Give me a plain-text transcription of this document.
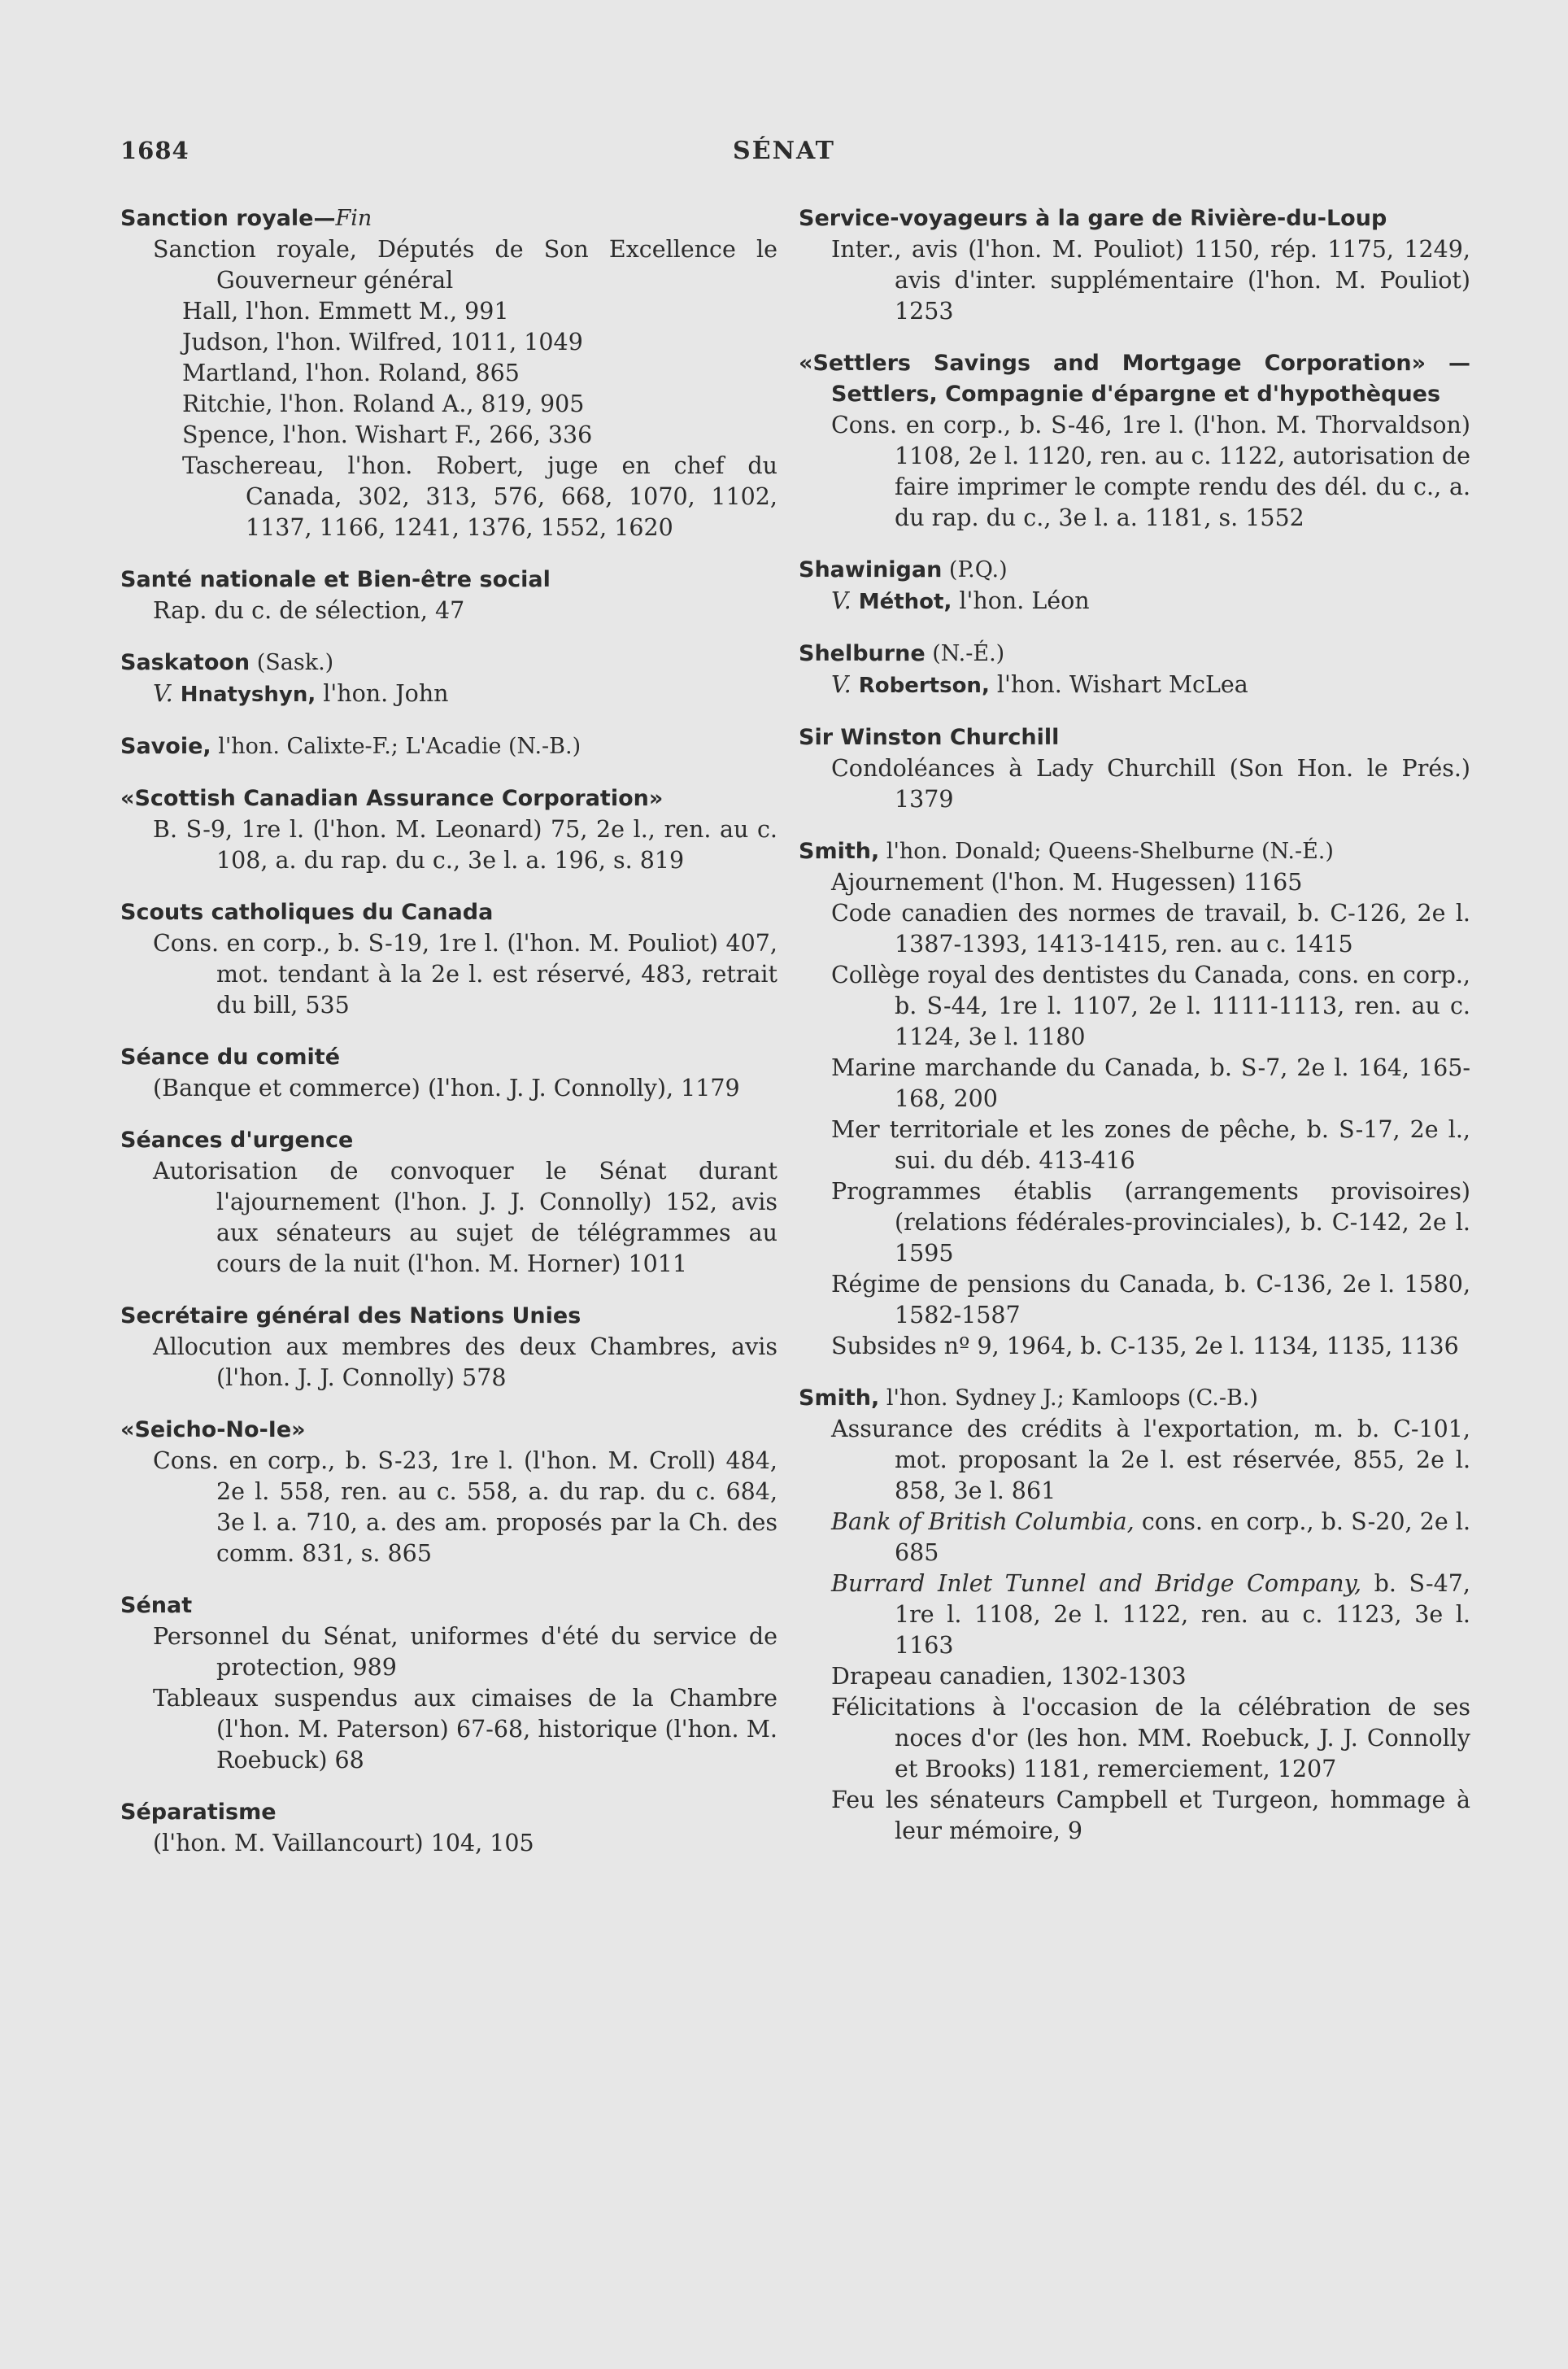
1684	SÉNAT
Sanction royale—Fin
Sanction royale, Députés de Son Excellence le Gouverneur général
Hall, l'hon. Emmett M., 991
Judson, l'hon. Wilfred, 1011, 1049
Martland, l'hon. Roland, 865
Ritchie, l'hon. Roland A., 819, 905
Spence, l'hon. Wishart F., 266, 336
Taschereau, l'hon. Robert, juge en chef du Canada, 302, 313, 576, 668, 1070, 1102, 1137, 1166, 1241, 1376, 1552, 1620
Santé nationale et Bien-être social
Rap. du c. de sélection, 47
Saskatoon (Sask.)
V. Hnatyshyn, l'hon. John
Savoie, l'hon. Calixte-F.; L'Acadie (N.-B.)
«Scottish Canadian Assurance Corporation»
B. S-9, 1re l. (l'hon. M. Leonard) 75, 2e l., ren. au c. 108, a. du rap. du c., 3e l. a. 196, s. 819
Scouts catholiques du Canada
Cons. en corp., b. S-19, 1re l. (l'hon. M. Pouliot) 407, mot. tendant à la 2e l. est réservé, 483, retrait du bill, 535
Séance du comité
(Banque et commerce) (l'hon. J. J. Connolly), 1179
Séances d'urgence
Autorisation de convoquer le Sénat durant l'ajournement (l'hon. J. J. Connolly) 152, avis aux sénateurs au sujet de télégrammes au cours de la nuit (l'hon. M. Horner) 1011
Secrétaire général des Nations Unies
Allocution aux membres des deux Chambres, avis (l'hon. J. J. Connolly) 578
«Seicho-No-Ie»
Cons. en corp., b. S-23, 1re l. (l'hon. M. Croll) 484, 2e l. 558, ren. au c. 558, a. du rap. du c. 684, 3e l. a. 710, a. des am. proposés par la Ch. des comm. 831, s. 865
Sénat
Personnel du Sénat, uniformes d'été du service de protection, 989
Tableaux suspendus aux cimaises de la Chambre (l'hon. M. Paterson) 67-68, historique (l'hon. M. Roebuck) 68
Séparatisme
(l'hon. M. Vaillancourt) 104, 105
Service-voyageurs à la gare de Rivière-du-Loup
Inter., avis (l'hon. M. Pouliot) 1150, rép. 1175, 1249, avis d'inter. supplémentaire (l'hon. M. Pouliot) 1253
«Settlers Savings and Mortgage Corporation» —Settlers, Compagnie d'épargne et d'hypothèques
Cons. en corp., b. S-46, 1re l. (l'hon. M. Thorvaldson) 1108, 2e l. 1120, ren. au c. 1122, autorisation de faire imprimer le compte rendu des dél. du c., a. du rap. du c., 3e l. a. 1181, s. 1552
Shawinigan (P.Q.)
V. Méthot, l'hon. Léon
Shelburne (N.-É.)
V. Robertson, l'hon. Wishart McLea
Sir Winston Churchill
Condoléances à Lady Churchill (Son Hon. le Prés.) 1379
Smith, l'hon. Donald; Queens-Shelburne (N.-É.)
Ajournement (l'hon. M. Hugessen) 1165
Code canadien des normes de travail, b. C-126, 2e l. 1387-1393, 1413-1415, ren. au c. 1415
Collège royal des dentistes du Canada, cons. en corp., b. S-44, 1re l. 1107, 2e l. 1111-1113, ren. au c. 1124, 3e l. 1180
Marine marchande du Canada, b. S-7, 2e l. 164, 165-168, 200
Mer territoriale et les zones de pêche, b. S-17, 2e l., sui. du déb. 413-416
Programmes établis (arrangements provisoires) (relations fédérales-provinciales), b. C-142, 2e l. 1595
Régime de pensions du Canada, b. C-136, 2e l. 1580, 1582-1587
Subsides nº 9, 1964, b. C-135, 2e l. 1134, 1135, 1136
Smith, l'hon. Sydney J.; Kamloops (C.-B.)
Assurance des crédits à l'exportation, m. b. C-101, mot. proposant la 2e l. est réservée, 855, 2e l. 858, 3e l. 861
Bank of British Columbia, cons. en corp., b. S-20, 2e l. 685
Burrard Inlet Tunnel and Bridge Company, b. S-47, 1re l. 1108, 2e l. 1122, ren. au c. 1123, 3e l. 1163
Drapeau canadien, 1302-1303
Félicitations à l'occasion de la célébration de ses noces d'or (les hon. MM. Roebuck, J. J. Connolly et Brooks) 1181, remerciement, 1207
Feu les sénateurs Campbell et Turgeon, hommage à leur mémoire, 9
